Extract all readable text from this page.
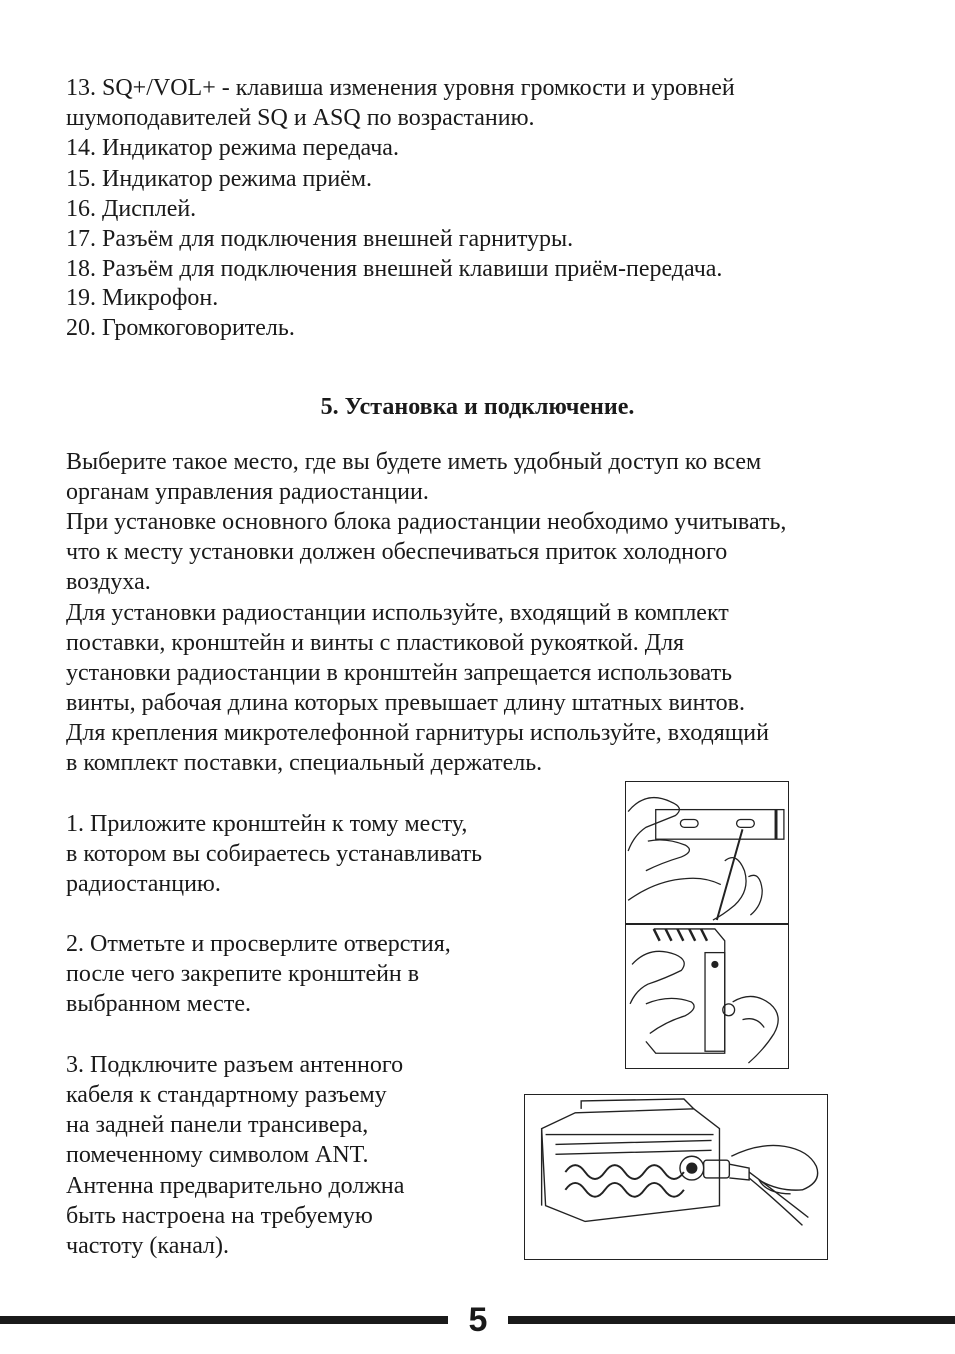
13. SQ+/VOL+ - клавиша изменения уровня громкости и уровней
шумоподавителей SQ и ASQ по возрастанию.
14. Индикатор режима передача.
15. Индикатор режима приём.
16. Дисплей.
17. Разъём для подключения внешней гарнитуры.
18. Разъём для подключения внешней клавиши приём-передача.
19. Микрофон.
20. Громкоговоритель.
5. Установка и подключение.
Выберите такое место, где вы будете иметь удобный доступ ко всем
органам управления радиостанции.
При установке основного блока радиостанции необходимо учитывать,
что к месту установки должен обеспечиваться приток холодного
воздуха.
Для установки радиостанции используйте, входящий в комплект
поставки, кронштейн и винты с пластиковой рукояткой. Для
установки радиостанции в кронштейн запрещается использовать
винты, рабочая длина которых превышает длину штатных винтов.
Для крепления микротелефонной гарнитуры используйте, входящий
в комплект поставки, специальный держатель.
1. Приложите кронштейн к тому месту,
в котором вы собираетесь устанавливать
радиостанцию.
2. Отметьте и просверлите отверстия,
после чего закрепите кронштейн в
выбранном месте.
3. Подключите разъем антенного
кабеля к стандартному разъему
на задней панели трансивера,
помеченному символом ANT.
Антенна предварительно должна
быть настроена на требуемую
частоту (канал).
5
